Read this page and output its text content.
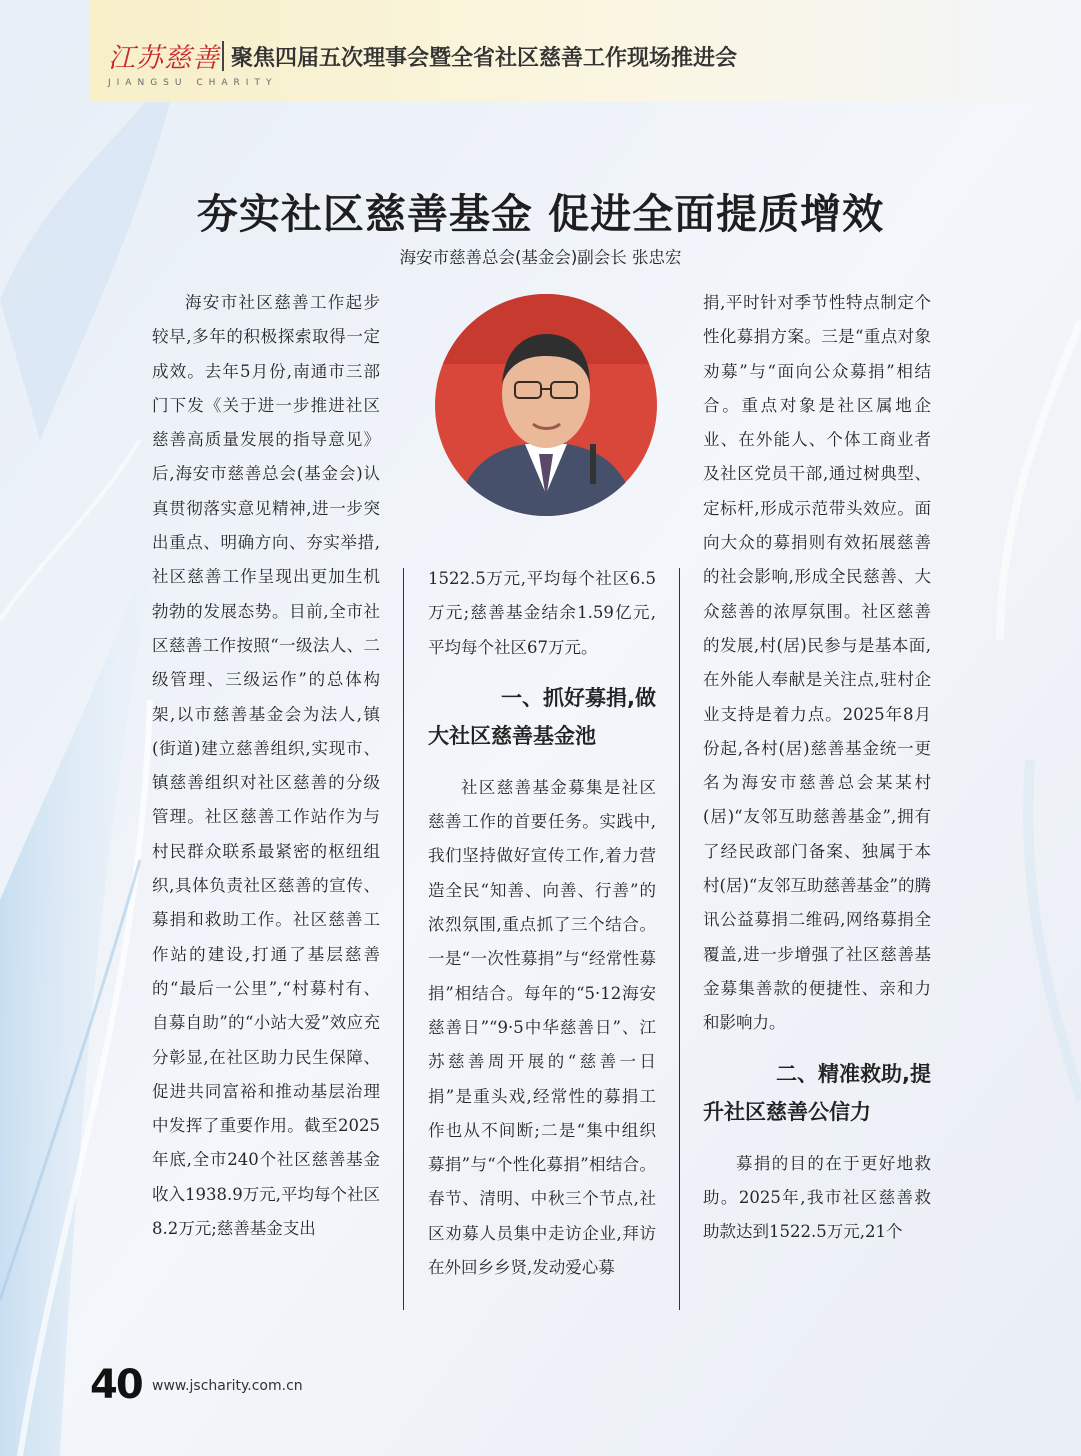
江苏慈善
JIANGSU CHARITY
聚焦四届五次理事会暨全省社区慈善工作现场推进会
夯实社区慈善基金 促进全面提质增效
海安市慈善总会(基金会)副会长 张忠宏

海安市社区慈善工作起步较早,多年的积极探索取得一定成效。去年5月份,南通市三部门下发《关于进一步推进社区慈善高质量发展的指导意见》后,海安市慈善总会(基金会)认真贯彻落实意见精神,进一步突出重点、明确方向、夯实举措,社区慈善工作呈现出更加生机勃勃的发展态势。目前,全市社区慈善工作按照“一级法人、二级管理、三级运作”的总体构架,以市慈善基金会为法人,镇(街道)建立慈善组织,实现市、镇慈善组织对社区慈善的分级管理。社区慈善工作站作为与村民群众联系最紧密的枢纽组织,具体负责社区慈善的宣传、募捐和救助工作。社区慈善工作站的建设,打通了基层慈善的“最后一公里”,“村募村有、自募自助”的“小站大爱”效应充分彰显,在社区助力民生保障、促进共同富裕和推动基层治理中发挥了重要作用。截至2025年底,全市240个社区慈善基金收入1938.9万元,平均每个社区8.2万元;慈善基金支出

1522.5万元,平均每个社区6.5万元;慈善基金结余1.59亿元,平均每个社区67万元。

一、抓好募捐,做
大社区慈善基金池

社区慈善基金募集是社区慈善工作的首要任务。实践中,我们坚持做好宣传工作,着力营造全民“知善、向善、行善”的浓烈氛围,重点抓了三个结合。一是“一次性募捐”与“经常性募捐”相结合。每年的“5·12海安慈善日”“9·5中华慈善日”、江苏慈善周开展的“慈善一日捐”是重头戏,经常性的募捐工作也从不间断;二是“集中组织募捐”与“个性化募捐”相结合。春节、清明、中秋三个节点,社区劝募人员集中走访企业,拜访在外回乡乡贤,发动爱心募

捐,平时针对季节性特点制定个性化募捐方案。三是“重点对象劝募”与“面向公众募捐”相结合。重点对象是社区属地企业、在外能人、个体工商业者及社区党员干部,通过树典型、定标杆,形成示范带头效应。面向大众的募捐则有效拓展慈善的社会影响,形成全民慈善、大众慈善的浓厚氛围。社区慈善的发展,村(居)民参与是基本面,在外能人奉献是关注点,驻村企业支持是着力点。2025年8月份起,各村(居)慈善基金统一更名为海安市慈善总会某某村(居)“友邻互助慈善基金”,拥有了经民政部门备案、独属于本村(居)“友邻互助慈善基金”的腾讯公益募捐二维码,网络募捐全覆盖,进一步增强了社区慈善基金募集善款的便捷性、亲和力和影响力。

二、精准救助,提
升社区慈善公信力

募捐的目的在于更好地救助。2025年,我市社区慈善救助款达到1522.5万元,21个

40 www.jscharity.com.cn
